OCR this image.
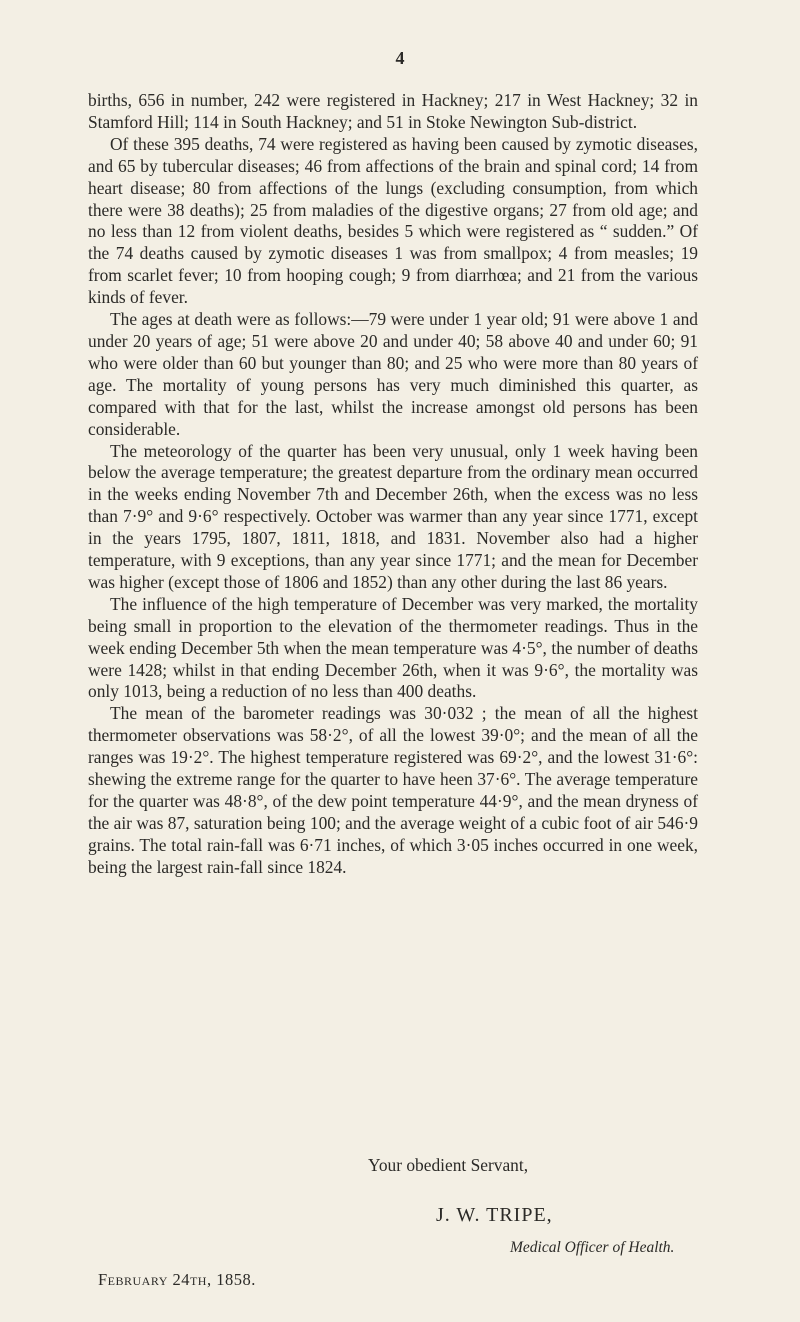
4

births, 656 in number, 242 were registered in Hackney; 217 in West Hackney; 32 in Stamford Hill; 114 in South Hackney; and 51 in Stoke Newington Sub-district.

Of these 395 deaths, 74 were registered as having been caused by zymotic diseases, and 65 by tubercular diseases; 46 from affections of the brain and spinal cord; 14 from heart disease; 80 from affections of the lungs (excluding consumption, from which there were 38 deaths); 25 from maladies of the digestive organs; 27 from old age; and no less than 12 from violent deaths, besides 5 which were registered as “ sudden.” Of the 74 deaths caused by zymotic diseases 1 was from smallpox; 4 from measles; 19 from scarlet fever; 10 from hooping cough; 9 from diarrhœa; and 21 from the various kinds of fever.

The ages at death were as follows:—79 were under 1 year old; 91 were above 1 and under 20 years of age; 51 were above 20 and under 40; 58 above 40 and under 60; 91 who were older than 60 but younger than 80; and 25 who were more than 80 years of age. The mortality of young persons has very much diminished this quarter, as compared with that for the last, whilst the increase amongst old persons has been considerable.

The meteorology of the quarter has been very unusual, only 1 week having been below the average temperature; the greatest departure from the ordinary mean occurred in the weeks ending November 7th and December 26th, when the excess was no less than 7·9° and 9·6° respectively. October was warmer than any year since 1771, except in the years 1795, 1807, 1811, 1818, and 1831. November also had a higher temperature, with 9 exceptions, than any year since 1771; and the mean for December was higher (except those of 1806 and 1852) than any other during the last 86 years.

The influence of the high temperature of December was very marked, the mortality being small in proportion to the elevation of the thermometer readings. Thus in the week ending December 5th when the mean temperature was 4·5°, the number of deaths were 1428; whilst in that ending December 26th, when it was 9·6°, the mortality was only 1013, being a reduction of no less than 400 deaths.

The mean of the barometer readings was 30·032 ; the mean of all the highest thermometer observations was 58·2°, of all the lowest 39·0°; and the mean of all the ranges was 19·2°. The highest temperature registered was 69·2°, and the lowest 31·6°: shewing the extreme range for the quarter to have heen 37·6°. The average temperature for the quarter was 48·8°, of the dew point temperature 44·9°, and the mean dryness of the air was 87, saturation being 100; and the average weight of a cubic foot of air 546·9 grains. The total rain-fall was 6·71 inches, of which 3·05 inches occurred in one week, being the largest rain-fall since 1824.

Your obedient Servant,
J. W. TRIPE,
Medical Officer of Health.
February 24th, 1858.
